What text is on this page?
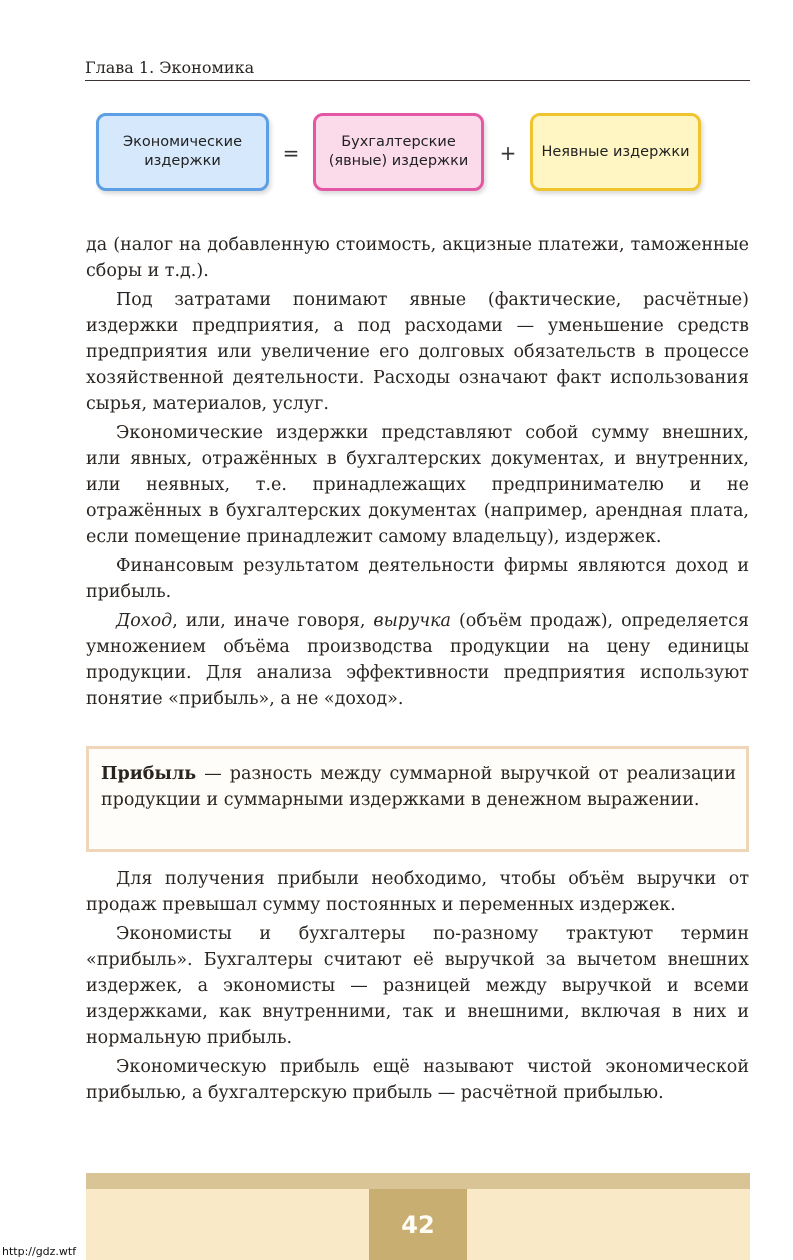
Глава 1. Экономика
Экономические издержки	=	Бухгалтерские (явные) издержки	+	Неявные издержки

да (налог на добавленную стоимость, акцизные платежи, таможенные сборы и т.д.).

Под затратами понимают явные (фактические, расчётные) издержки предприятия, а под расходами — уменьшение средств предприятия или увеличение его долговых обязательств в процессе хозяйственной деятельности. Расходы означают факт использования сырья, материалов, услуг.

Экономические издержки представляют собой сумму внешних, или явных, отражённых в бухгалтерских документах, и внутренних, или неявных, т.е. принадлежащих предпринимателю и не отражённых в бухгалтерских документах (например, арендная плата, если помещение принадлежит самому владельцу), издержек.

Финансовым результатом деятельности фирмы являются доход и прибыль.

Доход, или, иначе говоря, выручка (объём продаж), определяется умножением объёма производства продукции на цену единицы продукции. Для анализа эффективности предприятия используют понятие «прибыль», а не «доход».

Прибыль — разность между суммарной выручкой от реализации продукции и суммарными издержками в денежном выражении.

Для получения прибыли необходимо, чтобы объём выручки от продаж превышал сумму постоянных и переменных издержек.

Экономисты и бухгалтеры по-разному трактуют термин «прибыль». Бухгалтеры считают её выручкой за вычетом внешних издержек, а экономисты — разницей между выручкой и всеми издержками, как внутренними, так и внешними, включая в них и нормальную прибыль.

Экономическую прибыль ещё называют чистой экономической прибылью, а бухгалтерскую прибыль — расчётной прибылью.

42
http://gdz.wtf
